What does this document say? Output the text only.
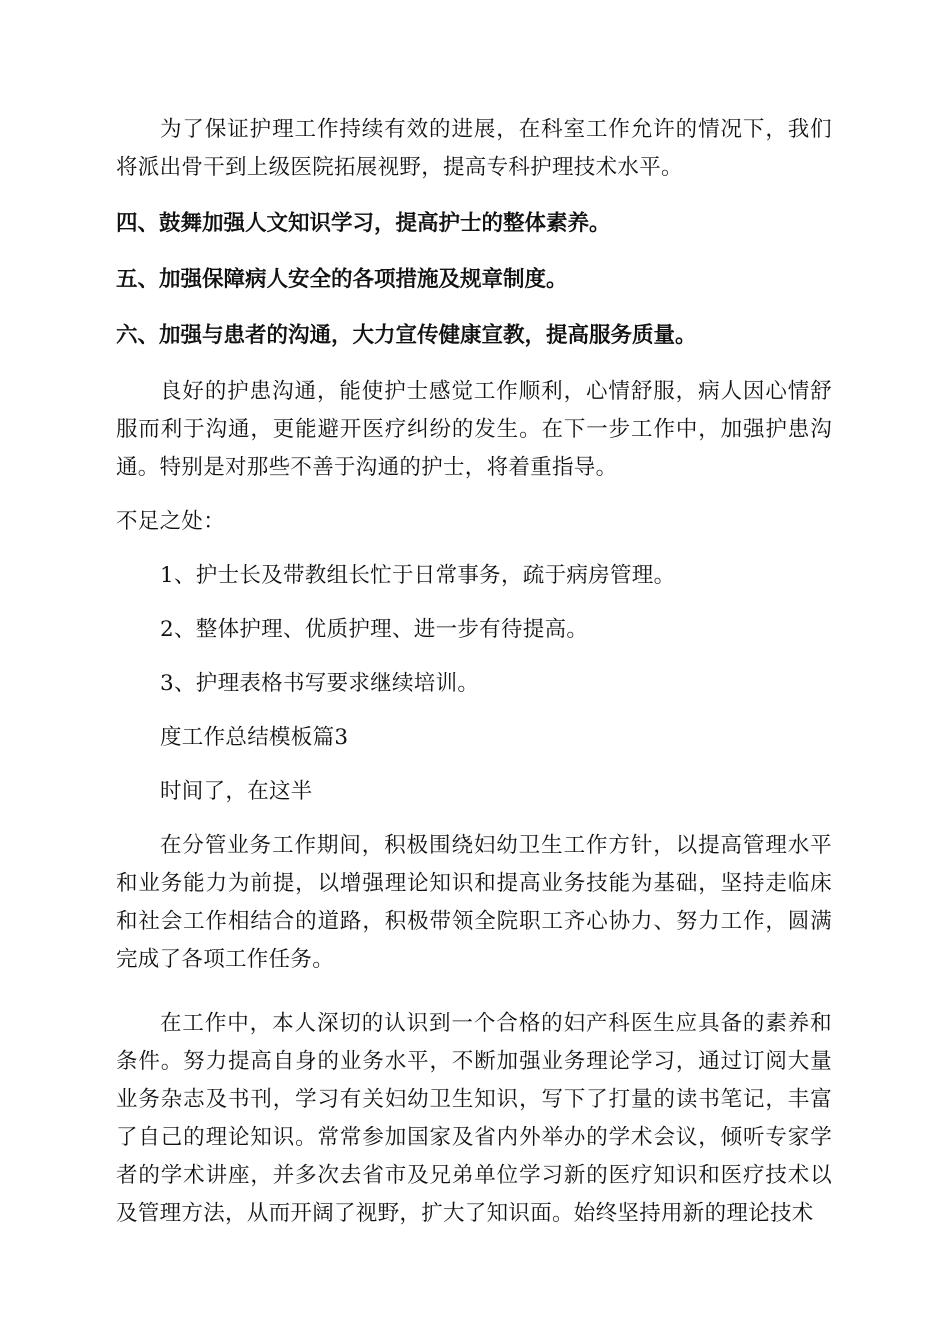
为了保证护理工作持续有效的进展，在科室工作允许的情况下，我们将派出骨干到上级医院拓展视野，提高专科护理技术水平。

四、鼓舞加强人文知识学习，提高护士的整体素养。

五、加强保障病人安全的各项措施及规章制度。

六、加强与患者的沟通，大力宣传健康宣教，提高服务质量。

良好的护患沟通，能使护士感觉工作顺利，心情舒服，病人因心情舒服而利于沟通，更能避开医疗纠纷的发生。在下一步工作中，加强护患沟通。特别是对那些不善于沟通的护士，将着重指导。

不足之处：

1、护士长及带教组长忙于日常事务，疏于病房管理。

2、整体护理、优质护理、进一步有待提高。

3、护理表格书写要求继续培训。

度工作总结模板篇3

时间了，在这半

在分管业务工作期间，积极围绕妇幼卫生工作方针，以提高管理水平和业务能力为前提，以增强理论知识和提高业务技能为基础，坚持走临床和社会工作相结合的道路，积极带领全院职工齐心协力、努力工作，圆满完成了各项工作任务。

在工作中，本人深切的认识到一个合格的妇产科医生应具备的素养和条件。努力提高自身的业务水平，不断加强业务理论学习，通过订阅大量业务杂志及书刊，学习有关妇幼卫生知识，写下了打量的读书笔记，丰富了自己的理论知识。常常参加国家及省内外举办的学术会议，倾听专家学者的学术讲座，并多次去省市及兄弟单位学习新的医疗知识和医疗技术以及管理方法，从而开阔了视野，扩大了知识面。始终坚持用新的理论技术
